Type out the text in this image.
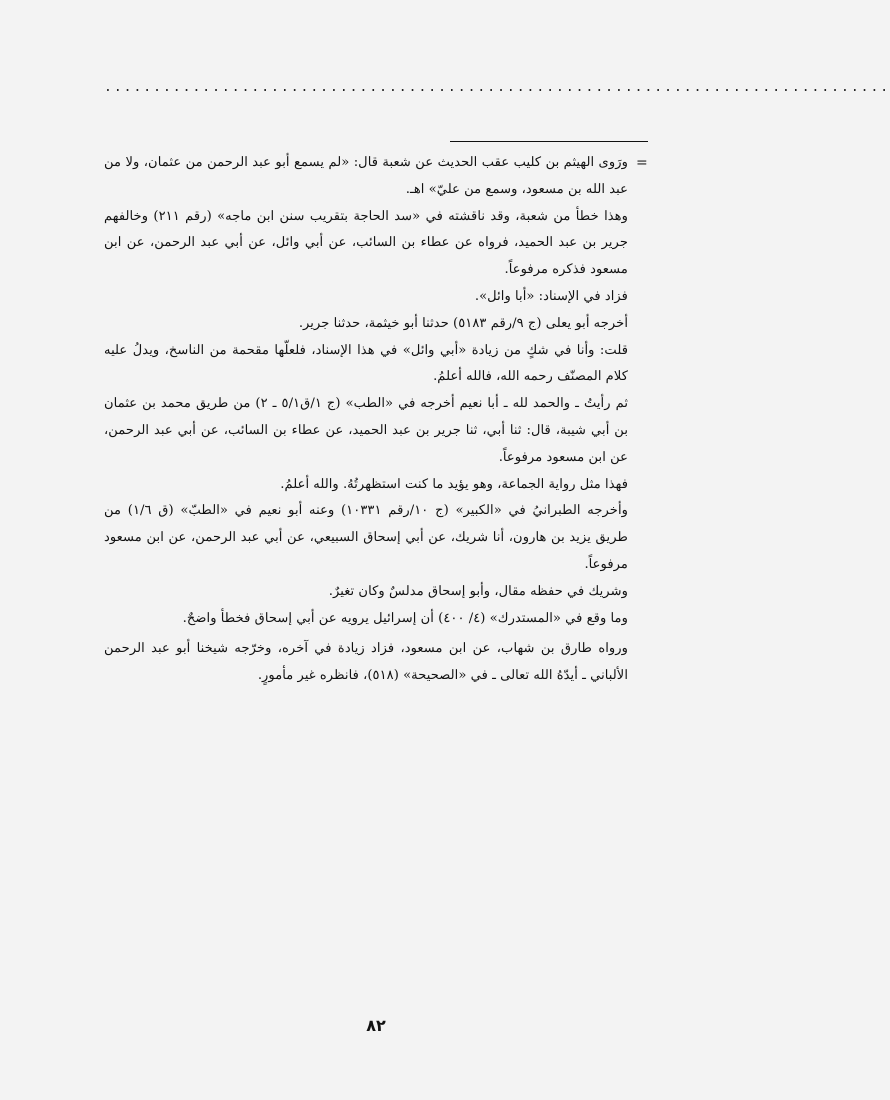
................................................................................
=

ورَوى الهيثم بن كليب عقب الحديث عن شعبة قال: «لم يسمع أبو عبد الرحمن من عثمان، ولا من عبد الله بن مسعود، وسمع من عليّ» اهـ.

وهذا خطأ من شعبة، وقد ناقشته في «سد الحاجة بتقريب سنن ابن ماجه» (رقم ٢١١) وخالفهم جرير بن عبد الحميد، فرواه عن عطاء بن السائب، عن أبي وائل، عن أبي عبد الرحمن، عن ابن مسعود فذكره مرفوعاً.

فزاد في الإسناد: «أبا وائل».

أخرجه أبو يعلى (ج ٩/رقم ٥١٨٣) حدثنا أبو خيثمة، حدثنا جرير.

قلت: وأنا في شكٍ من زيادة «أبي وائل» في هذا الإسناد، فلعلّها مقحمة من الناسخ، ويدلُ عليه كلام المصنّف رحمه الله، فالله أعلمُ.

ثم رأيتُ ـ والحمد لله ـ أبا نعيم أخرجه في «الطب» (ج ١/ق٥/١ ـ ٢) من طريق محمد بن عثمان بن أبي شيبة، قال: ثنا أبي، ثنا جرير بن عبد الحميد، عن عطاء بن السائب، عن أبي عبد الرحمن، عن ابن مسعود مرفوعاً.

فهذا مثل رواية الجماعة، وهو يؤيد ما كنت استظهرتُهُ. والله أعلمُ.

وأخرجه الطبرانيُ في «الكبير» (ج ١٠/رقم ١٠٣٣١) وعنه أبو نعيم في «الطبّ» (ق ١/٦) من طريق يزيد بن هارون، أنا شريك، عن أبي إسحاق السبيعي، عن أبي عبد الرحمن، عن ابن مسعود مرفوعاً.

وشريك في حفظه مقال، وأبو إسحاق مدلسٌ وكان تغيرٌ.

وما وقع في «المستدرك» (٤/ ٤٠٠) أن إسرائيل يرويه عن أبي إسحاق فخطأ واضحٌ.

ورواه طارق بن شهاب، عن ابن مسعود، فزاد زيادة في آخره، وخرّجه شيخنا أبو عبد الرحمن الألباني ـ أيدّهُ الله تعالى ـ في «الصحيحة» (٥١٨)، فانظره غير مأمورٍ.

٨٢
